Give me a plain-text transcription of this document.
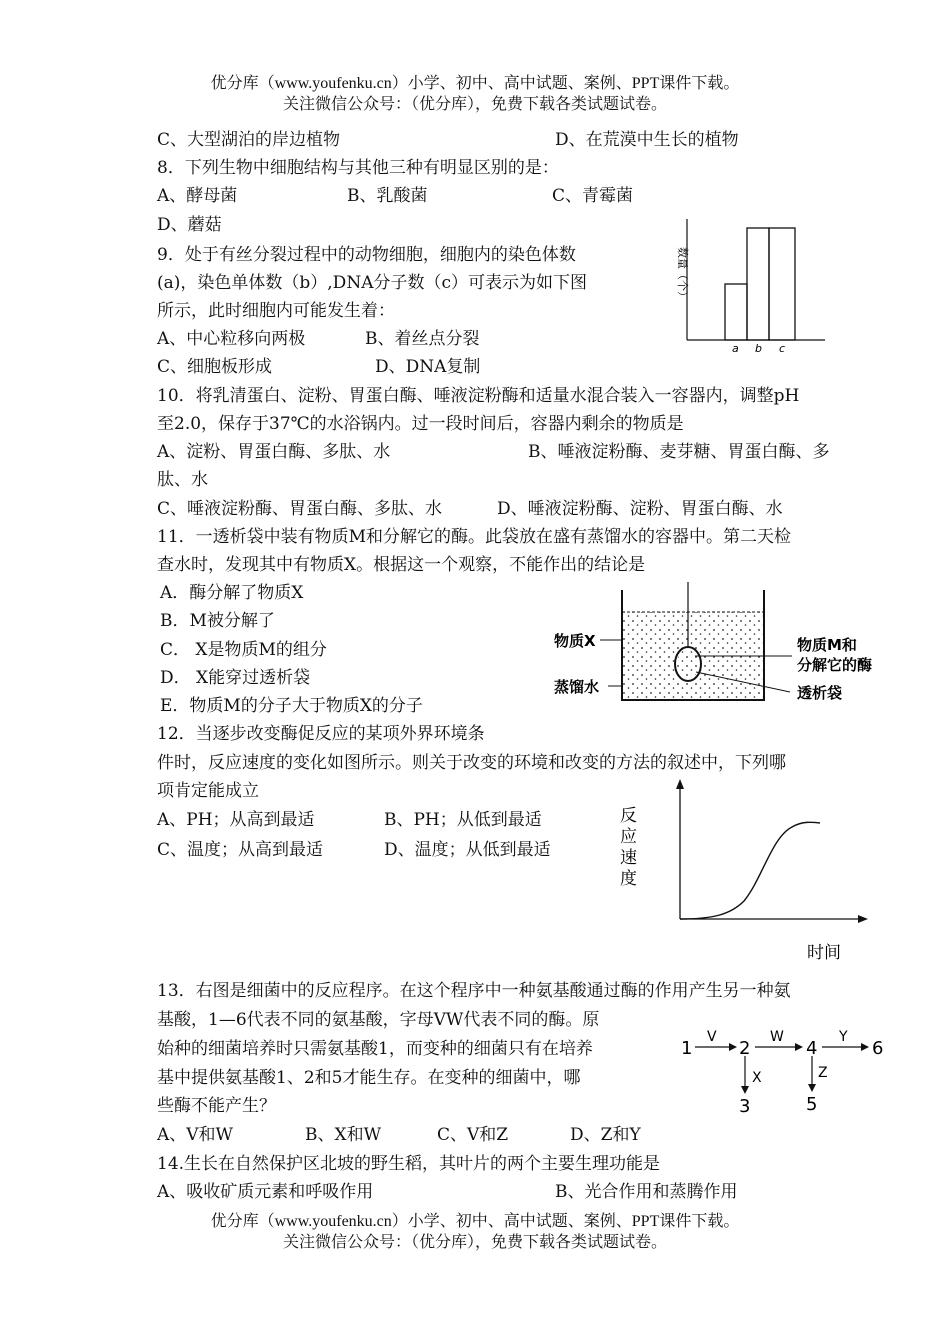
优分库（www.youfenku.cn）小学、初中、高中试题、案例、PPT课件下载。
关注微信公众号：（优分库），免费下载各类试题试卷。
C、大型湖泊的岸边植物	D、在荒漠中生长的植物
8．下列生物中细胞结构与其他三种有明显区别的是：
A、酵母菌	B、乳酸菌	C、青霉菌
D、蘑菇
9．处于有丝分裂过程中的动物细胞，细胞内的染色体数
(a)，染色单体数（b）,DNA分子数（c）可表示为如下图
所示，此时细胞内可能发生着：
A、中心粒移向两极	B、着丝点分裂
C、细胞板形成	D、DNA复制
数量（个）
a b c
10．将乳清蛋白、淀粉、胃蛋白酶、唾液淀粉酶和适量水混合装入一容器内，调整pH
至2.0，保存于37℃的水浴锅内。过一段时间后，容器内剩余的物质是
A、淀粉、胃蛋白酶、多肽、水	B、唾液淀粉酶、麦芽糖、胃蛋白酶、多
肽、水
C、唾液淀粉酶、胃蛋白酶、多肽、水	D、唾液淀粉酶、淀粉、胃蛋白酶、水
11．一透析袋中装有物质M和分解它的酶。此袋放在盛有蒸馏水的容器中。第二天检
查水时，发现其中有物质X。根据这一个观察，不能作出的结论是
A．酶分解了物质X
B．M被分解了
C． X是物质M的组分
D． X能穿过透析袋
E．物质M的分子大于物质X的分子
物质X
蒸馏水
物质M和
分解它的酶
透析袋
12．当逐步改变酶促反应的某项外界环境条
件时，反应速度的变化如图所示。则关于改变的环境和改变的方法的叙述中，下列哪
项肯定能成立
A、PH；从高到最适	B、PH；从低到最适
C、温度；从高到最适	D、温度；从低到最适
反
应
速
度
时间
13．右图是细菌中的反应程序。在这个程序中一种氨基酸通过酶的作用产生另一种氨
基酸，1—6代表不同的氨基酸，字母VW代表不同的酶。原
始种的细菌培养时只需氨基酸1，而变种的细菌只有在培养
基中提供氨基酸1、2和5才能生存。在变种的细菌中，哪
些酶不能产生？
A、V和W	B、X和W	C、V和Z	D、Z和Y
1	2	4	6
3	5
V	W	Y
X	Z
14.生长在自然保护区北坡的野生稻，其叶片的两个主要生理功能是
A、吸收矿质元素和呼吸作用	B、光合作用和蒸腾作用
优分库（www.youfenku.cn）小学、初中、高中试题、案例、PPT课件下载。
关注微信公众号：（优分库），免费下载各类试题试卷。
